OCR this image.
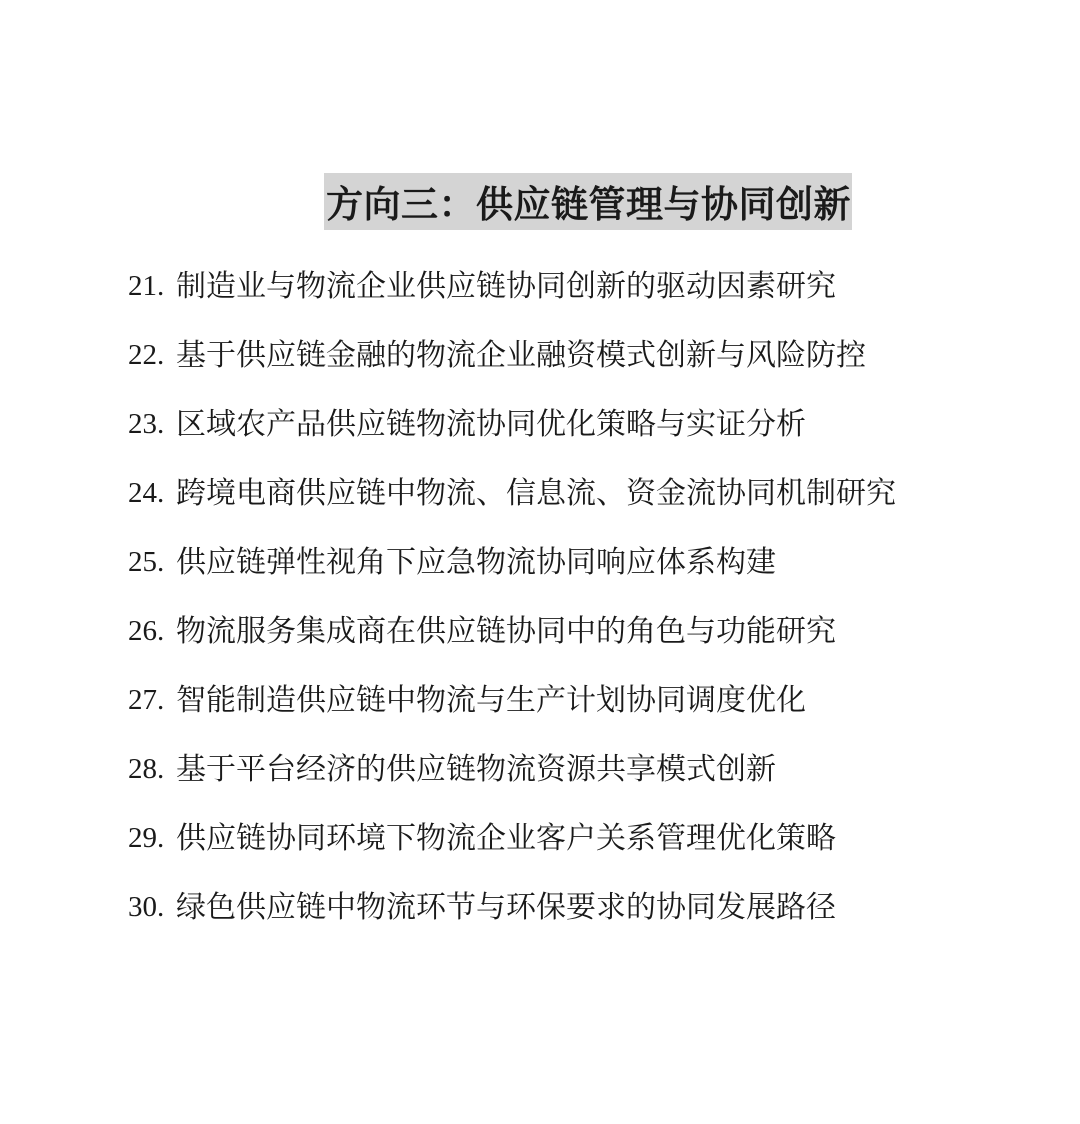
方向三：供应链管理与协同创新
21. 制造业与物流企业供应链协同创新的驱动因素研究
22. 基于供应链金融的物流企业融资模式创新与风险防控
23. 区域农产品供应链物流协同优化策略与实证分析
24. 跨境电商供应链中物流、信息流、资金流协同机制研究
25. 供应链弹性视角下应急物流协同响应体系构建
26. 物流服务集成商在供应链协同中的角色与功能研究
27. 智能制造供应链中物流与生产计划协同调度优化
28. 基于平台经济的供应链物流资源共享模式创新
29. 供应链协同环境下物流企业客户关系管理优化策略
30. 绿色供应链中物流环节与环保要求的协同发展路径
